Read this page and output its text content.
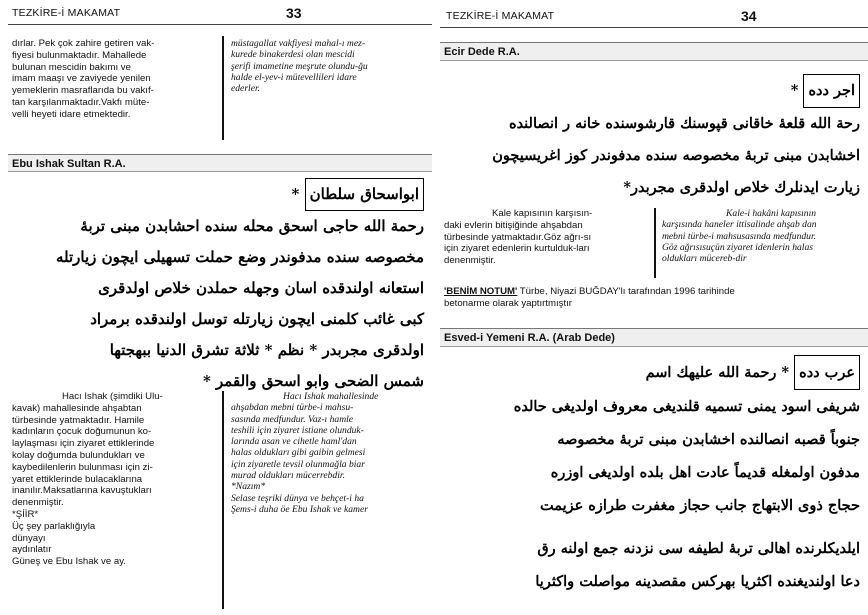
TEZKİRE-İ MAKAMAT	33
dırlar. Pek çok zahire getiren vak-
fiyesi bulunmaktadır. Mahallede
bulunan mescidin bakımı ve
imam maaşı ve zaviyede yenilen
yemeklerin masraflarıda bu vakıf-
tan karşılanmaktadır.Vakfı müte-
velli heyeti idare etmektedir.
müstagallat vakfiyesi mahal-ı mez-
kurede binakerdesi olan mescidi
şerifi imametine meşrute olundu-ğu
halde el-yev-i mütevellileri idare
ederler.
Ebu Ishak Sultan R.A.
ابواسحاق سلطان *
رحمة الله حاجی اسحق محله سنده احشابدن مبنی تربهٔ
مخصوصه سنده مدفوندر وضع حملت تسهیلی ایچون زیارتله
استعانه اولندقده اسان وجهله حملدن خلاص اولدقری
کبی غائب کلمنی ایچون زیارتله توسل اولندقده برمراد
اولدقری مجربدر * نظم * ثلاثة تشرق الدنیا ببهجتها
شمس الضحی وابو اسحق والقمر *
Hacı Ishak (şimdiki Ulu-
kavak) mahallesinde ahşabtan
türbesinde yatmaktadır. Hamile
kadınların çocuk doğumunun ko-
laylaşması için ziyaret ettiklerinde
kolay doğumda bulundukları ve
kaybedilenlerin bulunması için zi-
yaret ettiklerinde bulacaklarına
inanılır.Maksatlarına kavuştukları
denenmiştir.
*ŞİİR*
Üç şey parlaklığıyla
dünyayı
aydınlatır
Güneş ve Ebu Ishak ve ay.
Hacı Ishak mahallesinde
ahşabdan mebni türbe-i mahsu-
sasında medfundur. Vaz-ı hamle
teshili için ziyaret istiane olunduk-
larında asan ve cihetle haml'dan
halas oldukları gibi gaibin gelmesi
için ziyaretle tevsil olunmağla biar
murad oldukları mücerrebdir.
*Nazım*
Selase teşriki dünya ve behçet-i ha
Şems-i duha öe Ebu Ishak ve kamer
TEZKİRE-İ MAKAMAT	34
Ecir Dede R.A.
اجر دده *
رحة الله قلعهٔ خاقانی قپوسنك قارشوسنده خانه ر انصالنده
اخشابدن مبنی تربهٔ مخصوصه سنده مدفوندر كوز اغریسیچون
زیارت ایدنلرك خلاص اولدقری مجربدر*
Kale kapısının karşısın-
daki evlerin bitişiğinde ahşabdan
türbesinde yatmaktadır.Göz ağrı-sı
için ziyaret edenlerin kurtulduk-ları
denenmiştir.
Kale-i hakâni kapısının
karşısında haneler ittisalinde ahşab dan
mebni türbe-i mahsusasında medfundur.
Göz ağrısısuçün ziyaret idenlerin halas
oldukları mücereb-dir
'BENİM NOTUM' Türbe, Niyazi BUĞDAY'lı tarafından 1996 tarihinde
betonarme olarak yaptırtmıştır
Esved-i Yemeni R.A. (Arab Dede)
عرب دده * رحمة الله علیهك اسم
شریفی اسود یمنی تسمیه قلندیغی معروف اولدیغی حالده
جنوباً قصبه انصالنده اخشابدن مبنی تربهٔ مخصوصه
مدفون اولمغله قدیماً عادت اهل بلده اولدیغی اوزره
حجاج ذوی الابتهاج جانب حجاز مغفرت طرازه عزیمت
ایلدیکلرنده اهالی تربهٔ لطیفه سی نزدنه جمع اولنه رق
دعا اولندیغنده اکثریا بهرکس مقصدینه مواصلت واکثریا
